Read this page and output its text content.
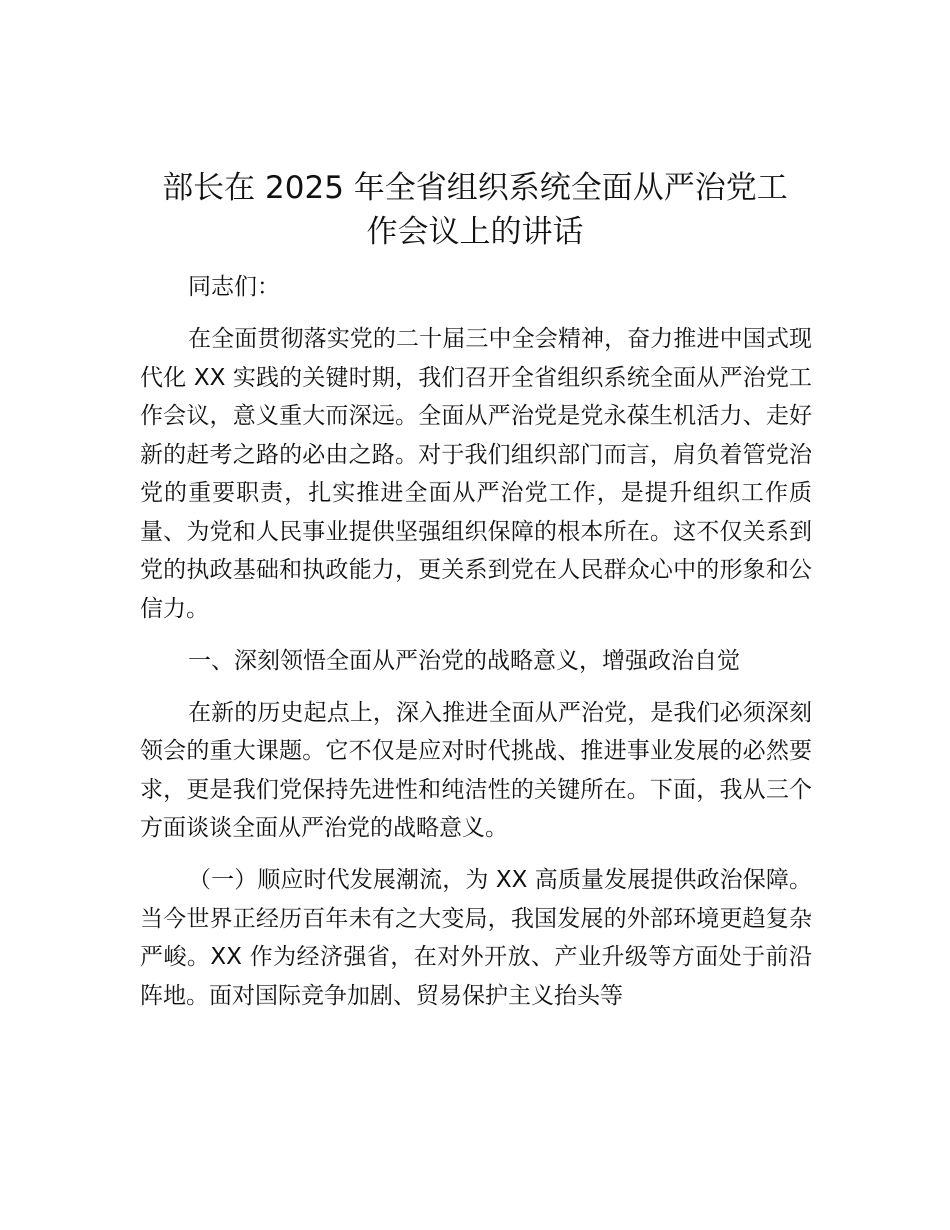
部长在 2025 年全省组织系统全面从严治党工
作会议上的讲话

同志们：

在全面贯彻落实党的二十届三中全会精神，奋力推进中国式现代化 XX 实践的关键时期，我们召开全省组织系统全面从严治党工作会议，意义重大而深远。全面从严治党是党永葆生机活力、走好新的赶考之路的必由之路。对于我们组织部门而言，肩负着管党治党的重要职责，扎实推进全面从严治党工作，是提升组织工作质量、为党和人民事业提供坚强组织保障的根本所在。这不仅关系到党的执政基础和执政能力，更关系到党在人民群众心中的形象和公信力。

一、深刻领悟全面从严治党的战略意义，增强政治自觉

在新的历史起点上，深入推进全面从严治党，是我们必须深刻领会的重大课题。它不仅是应对时代挑战、推进事业发展的必然要求，更是我们党保持先进性和纯洁性的关键所在。下面，我从三个方面谈谈全面从严治党的战略意义。

（一）顺应时代发展潮流，为 XX 高质量发展提供政治保障。当今世界正经历百年未有之大变局，我国发展的外部环境更趋复杂严峻。XX 作为经济强省，在对外开放、产业升级等方面处于前沿阵地。面对国际竞争加剧、贸易保护主义抬头等
